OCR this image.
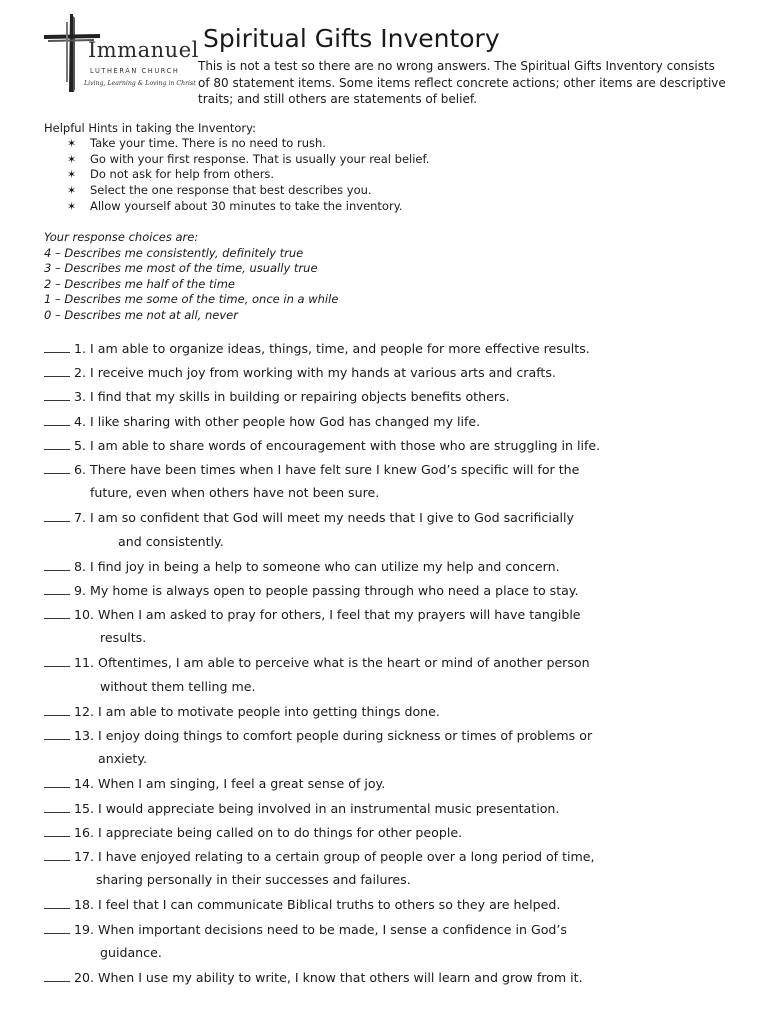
Immanuel
LUTHERAN CHURCH
Living, Learning & Loving in Christ
Spiritual Gifts Inventory

This is not a test so there are no wrong answers. The Spiritual Gifts Inventory consists of 80 statement items. Some items reflect concrete actions; other items are descriptive traits; and still others are statements of belief.

Helpful Hints in taking the Inventory:

✶	Take your time. There is no need to rush.
✶	Go with your first response. That is usually your real belief.
✶	Do not ask for help from others.
✶	Select the one response that best describes you.
✶	Allow yourself about 30 minutes to take the inventory.
Your response choices are:
4 – Describes me consistently, definitely true
3 – Describes me most of the time, usually true
2 – Describes me half of the time
1 – Describes me some of the time, once in a while
0 – Describes me not at all, never
1. I am able to organize ideas, things, time, and people for more effective results.
2. I receive much joy from working with my hands at various arts and crafts.
3. I find that my skills in building or repairing objects benefits others.
4. I like sharing with other people how God has changed my life.
5. I am able to share words of encouragement with those who are struggling in life.
6. There have been times when I have felt sure I knew God’s specific will for the
future, even when others have not been sure.
7. I am so confident that God will meet my needs that I give to God sacrificially
and consistently.
8. I find joy in being a help to someone who can utilize my help and concern.
9. My home is always open to people passing through who need a place to stay.
10. When I am asked to pray for others, I feel that my prayers will have tangible
results.
11. Oftentimes, I am able to perceive what is the heart or mind of another person
without them telling me.
12. I am able to motivate people into getting things done.
13. I enjoy doing things to comfort people during sickness or times of problems or
anxiety.
14. When I am singing, I feel a great sense of joy.
15. I would appreciate being involved in an instrumental music presentation.
16. I appreciate being called on to do things for other people.
17. I have enjoyed relating to a certain group of people over a long period of time,
sharing personally in their successes and failures.
18. I feel that I can communicate Biblical truths to others so they are helped.
19. When important decisions need to be made, I sense a confidence in God’s
guidance.
20. When I use my ability to write, I know that others will learn and grow from it.
